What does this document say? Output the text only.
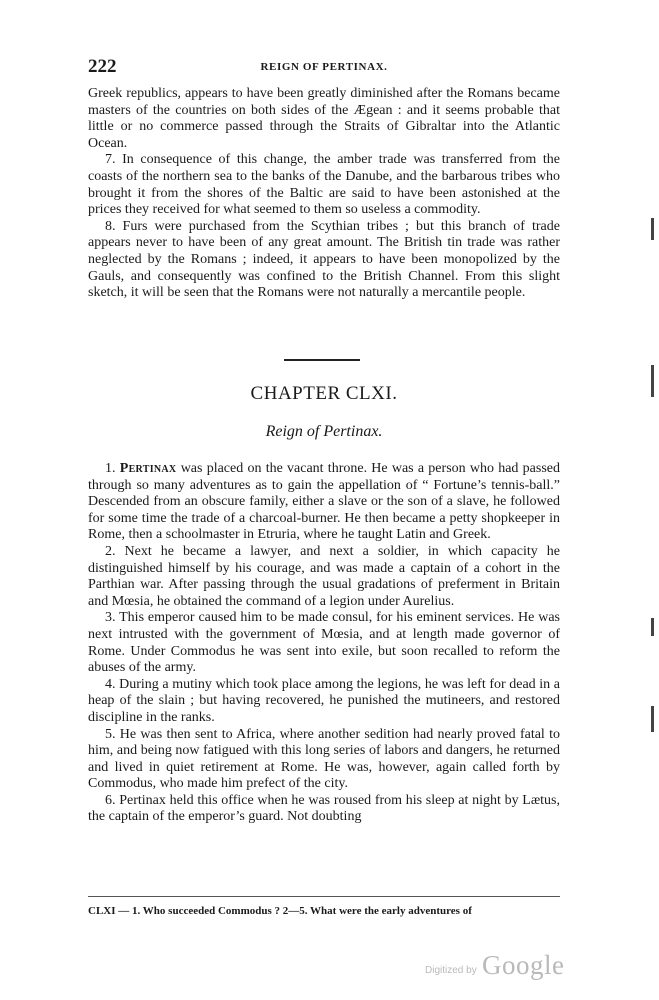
222	REIGN OF PERTINAX.

Greek republics, appears to have been greatly diminished after the Romans became masters of the countries on both sides of the Ægean : and it seems probable that little or no commerce passed through the Straits of Gibraltar into the Atlantic Ocean.

7. In consequence of this change, the amber trade was transferred from the coasts of the northern sea to the banks of the Danube, and the barbarous tribes who brought it from the shores of the Baltic are said to have been astonished at the prices they received for what seemed to them so useless a commodity.

8. Furs were purchased from the Scythian tribes ; but this branch of trade appears never to have been of any great amount. The British tin trade was rather neglected by the Romans ; indeed, it appears to have been monopolized by the Gauls, and consequently was confined to the British Channel. From this slight sketch, it will be seen that the Romans were not naturally a mercantile people.

CHAPTER CLXI.
Reign of Pertinax.

1. Pertinax was placed on the vacant throne. He was a person who had passed through so many adventures as to gain the appellation of “ Fortune’s tennis-ball.” Descended from an obscure family, either a slave or the son of a slave, he followed for some time the trade of a charcoal-burner. He then became a petty shopkeeper in Rome, then a schoolmaster in Etruria, where he taught Latin and Greek.

2. Next he became a lawyer, and next a soldier, in which capacity he distinguished himself by his courage, and was made a captain of a cohort in the Parthian war. After passing through the usual gradations of preferment in Britain and Mœsia, he obtained the command of a legion under Aurelius.

3. This emperor caused him to be made consul, for his eminent services. He was next intrusted with the government of Mœsia, and at length made governor of Rome. Under Commodus he was sent into exile, but soon recalled to reform the abuses of the army.

4. During a mutiny which took place among the legions, he was left for dead in a heap of the slain ; but having recovered, he punished the mutineers, and restored discipline in the ranks.

5. He was then sent to Africa, where another sedition had nearly proved fatal to him, and being now fatigued with this long series of labors and dangers, he returned and lived in quiet retirement at Rome. He was, however, again called forth by Commodus, who made him prefect of the city.

6. Pertinax held this office when he was roused from his sleep at night by Lætus, the captain of the emperor’s guard. Not doubting

CLXI — 1. Who succeeded Commodus ? 2—5. What were the early adventures of
Digitized by Google
